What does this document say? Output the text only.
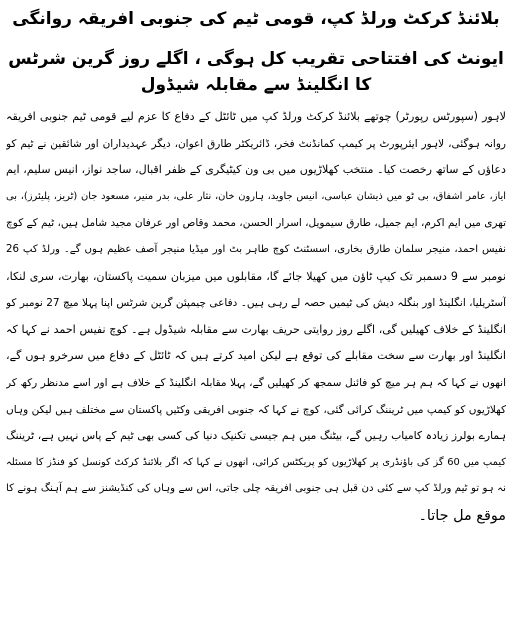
بلائنڈ کرکٹ ورلڈ کپ، قومی ٹیم کی جنوبی افریقہ روانگی
ایونٹ کی افتتاحی تقریب کل ہوگی ، اگلے روز گرین شرٹس کا انگلینڈ سے مقابلہ شیڈول
لاہور (سپورٹس رپورٹر) چوتھے بلائنڈ کرکٹ ورلڈ کپ میں ٹائٹل کے دفاع کا عزم لیے قومی ٹیم جنوبی افریقہ
روانہ ہوگئی، لاہور ایئرپورٹ پر کیمپ کمانڈنٹ فخر، ڈائریکٹر طارق اعوان، دیگر عہدیداران اور شائقین نے ٹیم کو
دعاؤں کے ساتھ رخصت کیا۔ منتخب کھلاڑیوں میں بی ون کیٹیگری کے ظفر اقبال، ساجد نواز، انیس سلیم، ایم
ایاز، عامر اشفاق، بی ٹو میں ذیشان عباسی، انیس جاوید، ہارون خان، نثار علی، بدر منیر، مسعود جان (ٹریز، پلیئرز)، بی
تھری میں ایم اکرم، ایم جمیل، طارق سیمویل، اسرار الحسن، محمد وقاص اور عرفان مجید شامل ہیں، ٹیم کے کوچ
نفیس احمد، منیجر سلمان طارق بخاری، اسسٹنٹ کوچ طاہر بٹ اور میڈیا منیجر آصف عظیم ہوں گے۔ ورلڈ کپ 26
نومبر سے 9 دسمبر تک کیپ ٹاؤن میں کھیلا جائے گا، مقابلوں میں میزبان سمیت پاکستان، بھارت، سری لنکا،
آسٹریلیا، انگلینڈ اور بنگلہ دیش کی ٹیمیں حصہ لے رہی ہیں۔ دفاعی چیمپئن گرین شرٹس اپنا پہلا میچ 27 نومبر کو
انگلینڈ کے خلاف کھیلیں گی، اگلے روز روایتی حریف بھارت سے مقابلہ شیڈول ہے۔ کوچ نفیس احمد نے کہا کہ
انگلینڈ اور بھارت سے سخت مقابلے کی توقع ہے لیکن امید کرتے ہیں کہ ٹائٹل کے دفاع میں سرخرو ہوں گے،
انھوں نے کہا کہ ہم ہر میچ کو فائنل سمجھ کر کھیلیں گے، پہلا مقابلہ انگلینڈ کے خلاف ہے اور اسے مدنظر رکھ کر
کھلاڑیوں کو کیمپ میں ٹریننگ کرائی گئی، کوچ نے کہا کہ جنوبی افریقی وکٹیں پاکستان سے مختلف ہیں لیکن وہاں
ہمارے بولرز زیادہ کامیاب رہیں گے، بیٹنگ میں ہم جیسی تکنیک دنیا کی کسی بھی ٹیم کے پاس نہیں ہے، ٹریننگ
کیمپ میں 60 گز کی باؤنڈری پر کھلاڑیوں کو پریکٹس کرائی، انھوں نے کہا کہ اگر بلائنڈ کرکٹ کونسل کو فنڈز کا مسئلہ
نہ ہو تو ٹیم ورلڈ کپ سے کئی دن قبل ہی جنوبی افریقہ چلی جاتی، اس سے وہاں کی کنڈیشنز سے ہم آہنگ ہونے کا
موقع مل جاتا۔
